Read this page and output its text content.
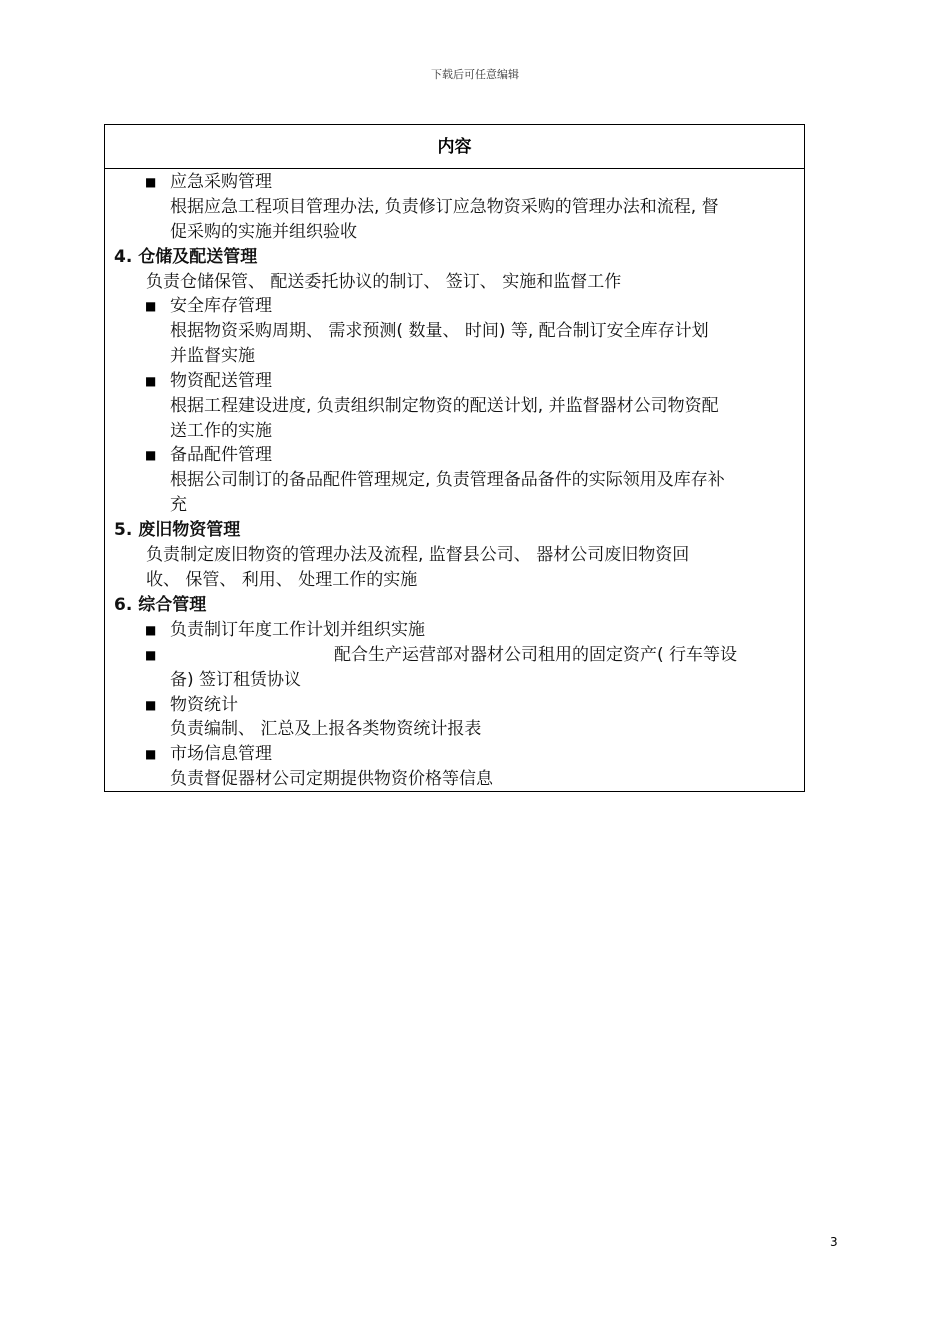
下载后可任意编辑
内容
■
■
■
■
■
■
■
■
应急采购管理
根据应急工程项目管理办法, 负责修订应急物资采购的管理办法和流程, 督
促采购的实施并组织验收
4. 仓储及配送管理
负责仓储保管、 配送委托协议的制订、 签订、 实施和监督工作
安全库存管理
根据物资采购周期、 需求预测( 数量、 时间) 等, 配合制订安全库存计划
并监督实施
物资配送管理
根据工程建设进度, 负责组织制定物资的配送计划, 并监督器材公司物资配
送工作的实施
备品配件管理
根据公司制订的备品配件管理规定, 负责管理备品备件的实际领用及库存补
充
5. 废旧物资管理
负责制定废旧物资的管理办法及流程, 监督县公司、 器材公司废旧物资回
收、 保管、 利用、 处理工作的实施
6. 综合管理
负责制订年度工作计划并组织实施
配合生产运营部对器材公司租用的固定资产( 行车等设
备) 签订租赁协议
物资统计
负责编制、 汇总及上报各类物资统计报表
市场信息管理
负责督促器材公司定期提供物资价格等信息
3
